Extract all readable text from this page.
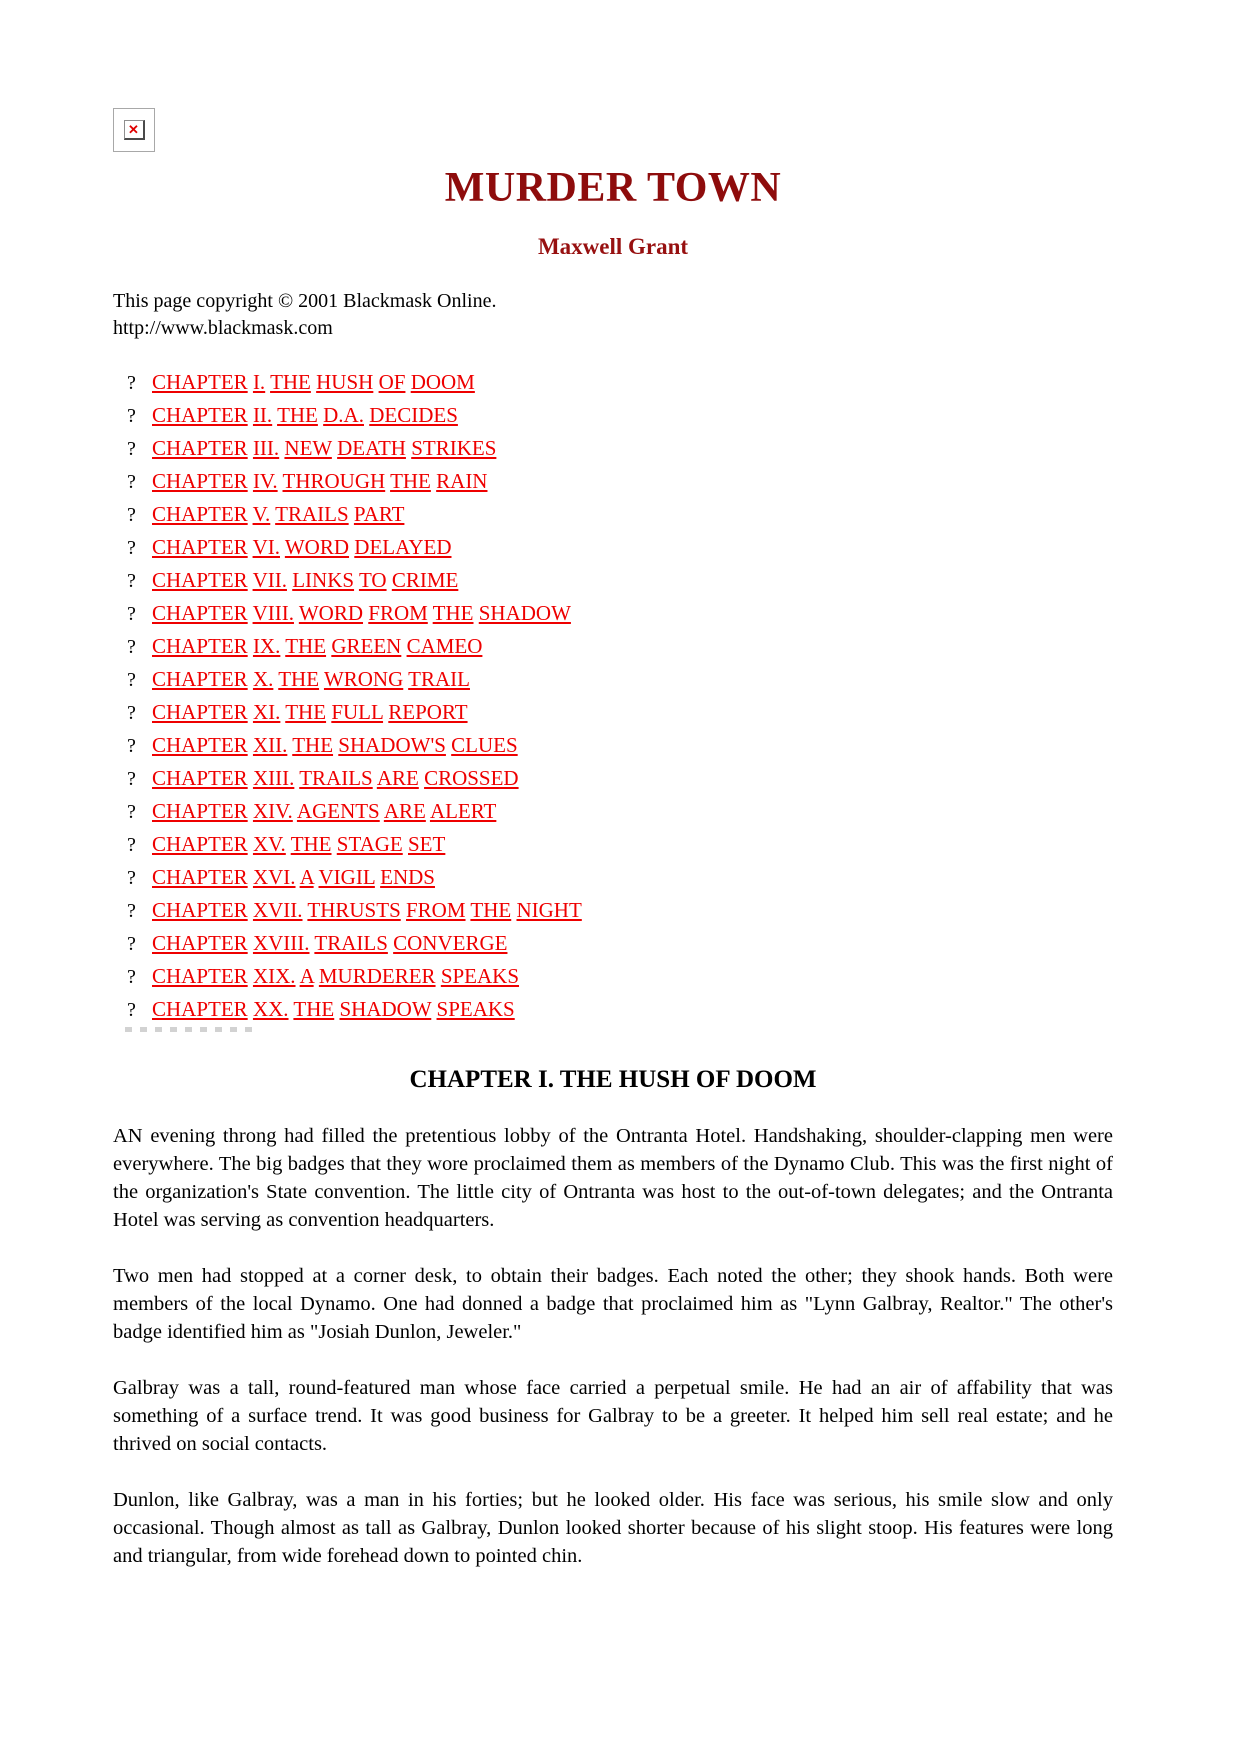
✕
MURDER TOWN
Maxwell Grant

This page copyright © 2001 Blackmask Online.
http://www.blackmask.com

? CHAPTER I. THE HUSH OF DOOM
? CHAPTER II. THE D.A. DECIDES
? CHAPTER III. NEW DEATH STRIKES
? CHAPTER IV. THROUGH THE RAIN
? CHAPTER V. TRAILS PART
? CHAPTER VI. WORD DELAYED
? CHAPTER VII. LINKS TO CRIME
? CHAPTER VIII. WORD FROM THE SHADOW
? CHAPTER IX. THE GREEN CAMEO
? CHAPTER X. THE WRONG TRAIL
? CHAPTER XI. THE FULL REPORT
? CHAPTER XII. THE SHADOW'S CLUES
? CHAPTER XIII. TRAILS ARE CROSSED
? CHAPTER XIV. AGENTS ARE ALERT
? CHAPTER XV. THE STAGE SET
? CHAPTER XVI. A VIGIL ENDS
? CHAPTER XVII. THRUSTS FROM THE NIGHT
? CHAPTER XVIII. TRAILS CONVERGE
? CHAPTER XIX. A MURDERER SPEAKS
? CHAPTER XX. THE SHADOW SPEAKS
CHAPTER I. THE HUSH OF DOOM

AN evening throng had filled the pretentious lobby of the Ontranta Hotel. Handshaking, shoulder-clapping men were everywhere. The big badges that they wore proclaimed them as members of the Dynamo Club. This was the first night of the organization's State convention. The little city of Ontranta was host to the out-of-town delegates; and the Ontranta Hotel was serving as convention headquarters.

Two men had stopped at a corner desk, to obtain their badges. Each noted the other; they shook hands. Both were members of the local Dynamo. One had donned a badge that proclaimed him as "Lynn Galbray, Realtor." The other's badge identified him as "Josiah Dunlon, Jeweler."

Galbray was a tall, round-featured man whose face carried a perpetual smile. He had an air of affability that was something of a surface trend. It was good business for Galbray to be a greeter. It helped him sell real estate; and he thrived on social contacts.

Dunlon, like Galbray, was a man in his forties; but he looked older. His face was serious, his smile slow and only occasional. Though almost as tall as Galbray, Dunlon looked shorter because of his slight stoop. His features were long and triangular, from wide forehead down to pointed chin.
